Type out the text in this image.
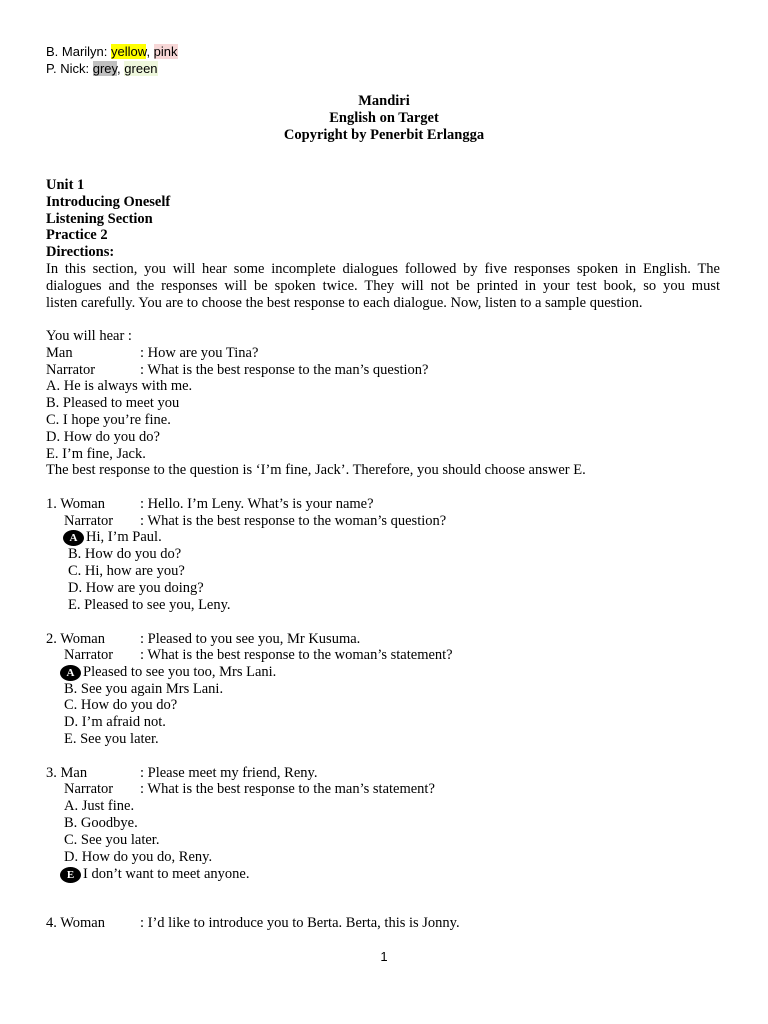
B. Marilyn: yellow, pink
P. Nick: grey, green
Mandiri
English on Target
Copyright by Penerbit Erlangga
Unit 1
Introducing Oneself
Listening Section
Practice 2
Directions:
In this section, you will hear some incomplete dialogues followed by five responses spoken in English. The
dialogues and the responses will be spoken twice. They will not be printed in your test book, so you must
listen carefully. You are to choose the best response to each dialogue. Now, listen to a sample question.
You will hear :
Man	: How are you Tina?
Narrator	: What is the best response to the man’s question?
A. He is always with me.
B. Pleased to meet you
C. I hope you’re fine.
D. How do you do?
E. I’m fine, Jack.
The best response to the question is ‘I’m fine, Jack’. Therefore, you should choose answer E.
1. Woman : Hello. I’m Leny. What’s is your name?
Narrator : What is the best response to the woman’s question?
A Hi, I’m Paul.
B. How do you do?
C. Hi, how are you?
D. How are you doing?
E. Pleased to see you, Leny.
2. Woman : Pleased to you see you, Mr Kusuma.
Narrator : What is the best response to the woman’s statement?
A Pleased to see you too, Mrs Lani.
B. See you again Mrs Lani.
C. How do you do?
D. I’m afraid not.
E. See you later.
3. Man	: Please meet my friend, Reny.
Narrator : What is the best response to the man’s statement?
A. Just fine.
B. Goodbye.
C. See you later.
D. How do you do, Reny.
E I don’t want to meet anyone.
4. Woman : I’d like to introduce you to Berta. Berta, this is Jonny.
1
